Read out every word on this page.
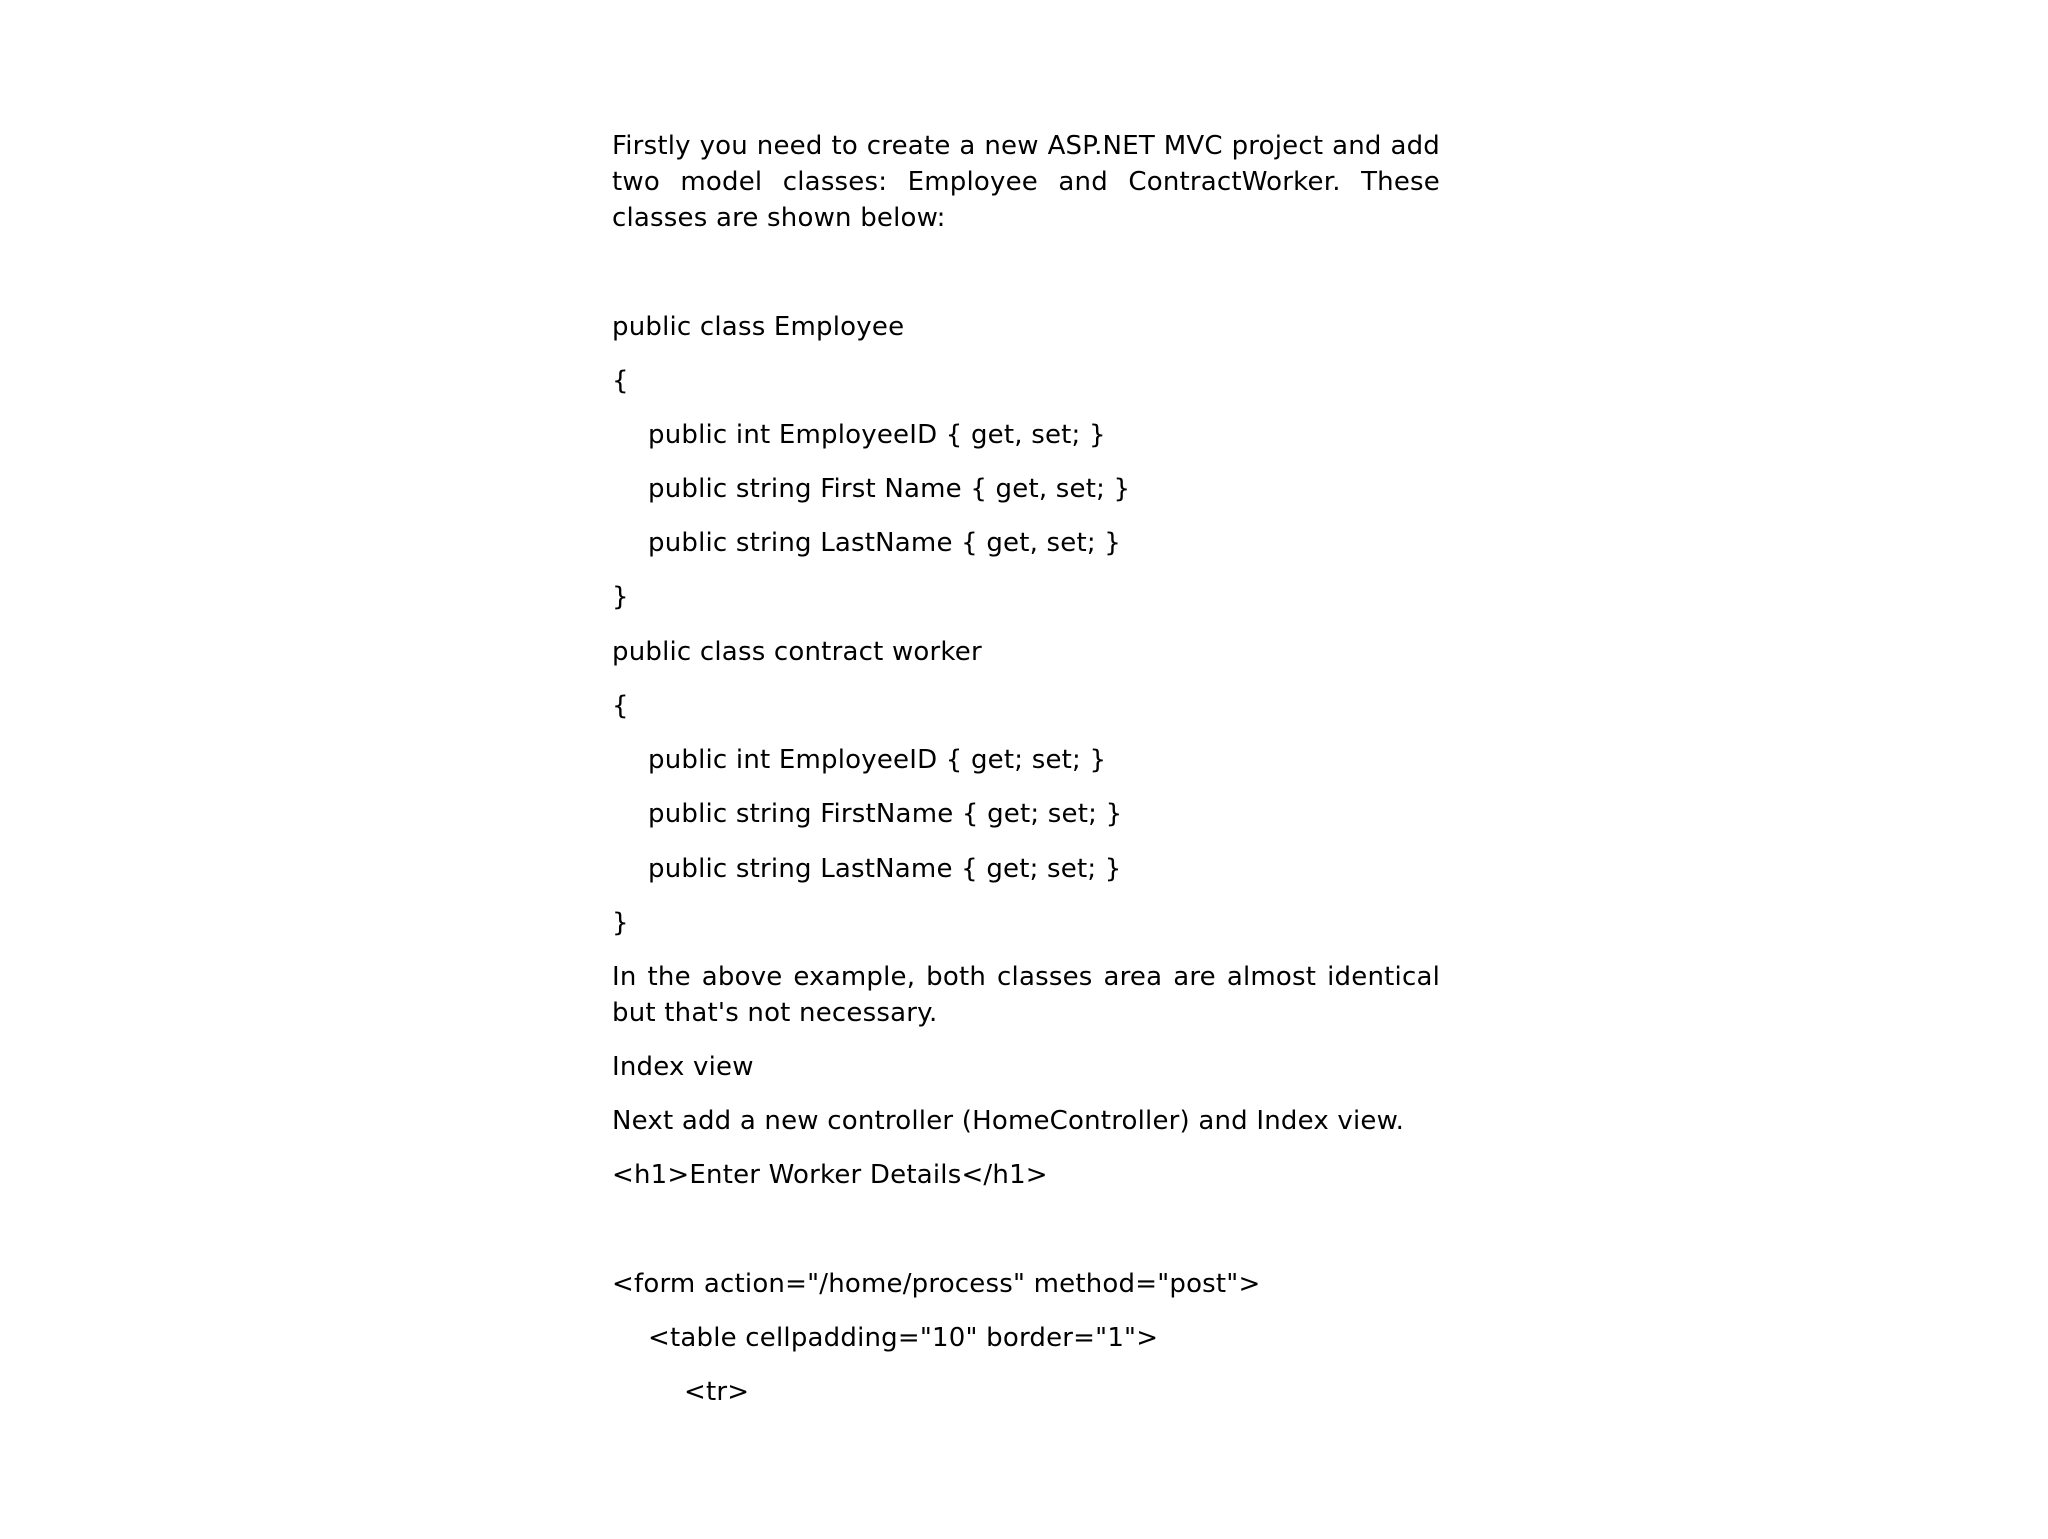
Firstly you need to create a new ASP.NET MVC project and add two model classes: Employee and ContractWorker. These classes are shown below:

public class Employee

{

public int EmployeeID { get, set; }

public string First Name { get, set; }

public string LastName { get, set; }

}

public class contract worker

{

public int EmployeeID { get; set; }

public string FirstName { get; set; }

public string LastName { get; set; }

}

In the above example, both classes area are almost identical but that's not necessary.

Index view

Next add a new controller (HomeController) and Index view.

<h1>Enter Worker Details</h1>

<form action="/home/process" method="post">

<table cellpadding="10" border="1">

<tr>
